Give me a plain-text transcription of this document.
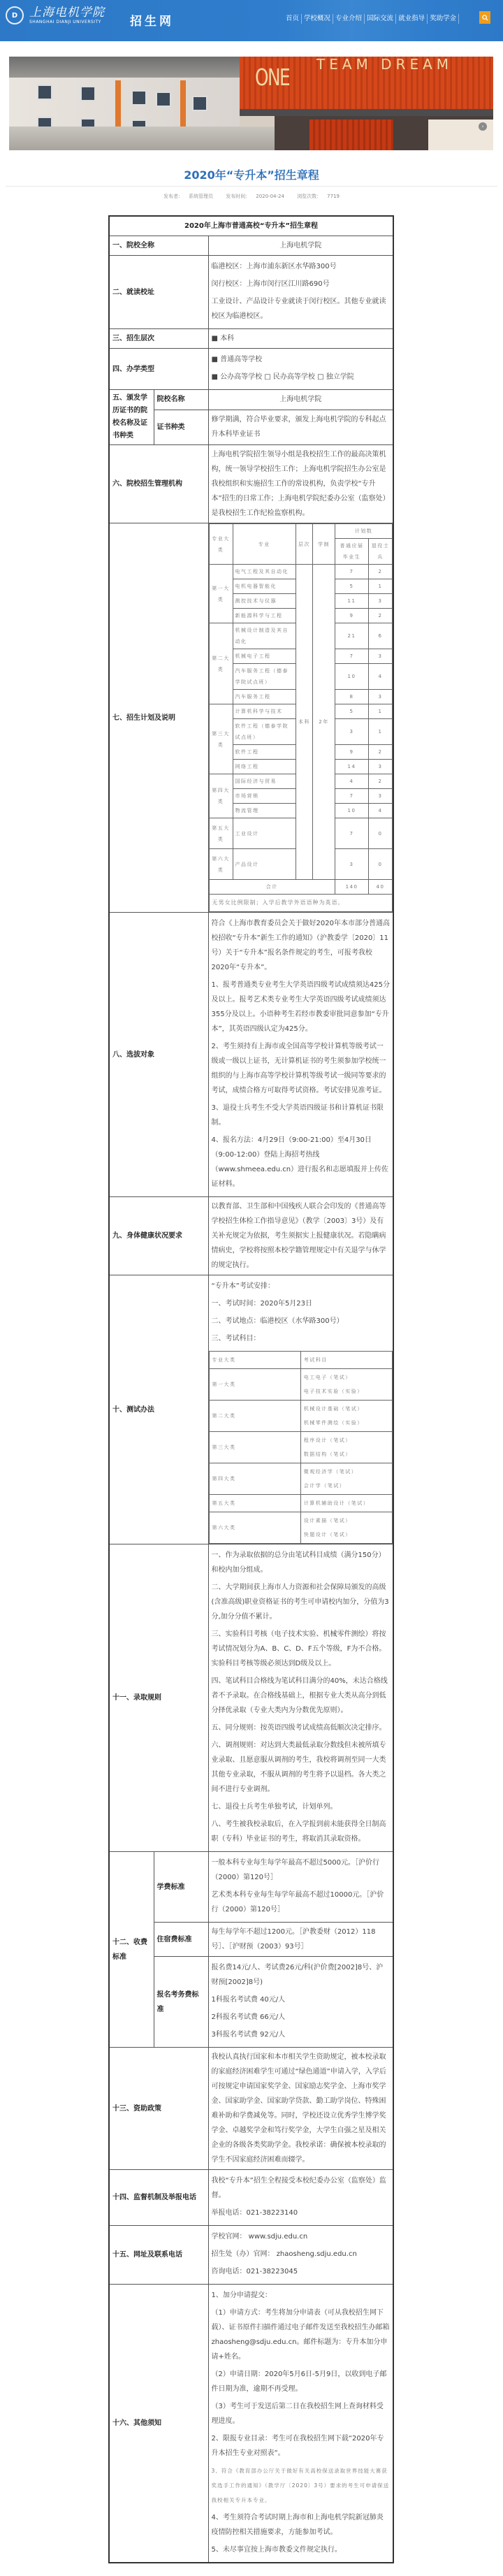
D 上海电机学院
SHANGHAI DIANJI UNIVERSITY 招生网	首页 学校概况 专业介绍 国际交流 就业指导 奖助学金
ONE TEAM DREAM
›
2020年“专升本”招生章程
发布者： 系统管理员	发布时间： 2020-04-24	浏览次数： 7719
2020年上海市普通高校“专升本”招生章程
一、院校全称	上海电机学院
二、就读校址	

临港校区：上海市浦东新区水华路300号

闵行校区：上海市闵行区江川路690号

工业设计、产品设计专业就读于闵行校区。其他专业就读校区为临港校区。

三、招生层次	■ 本科
四、办学类型	

■ 普通高等学校

■ 公办高等学校 □ 民办高等学校 □ 独立学院

五、颁发学历证书的院校名称及证书种类	院校名称	上海电机学院
证书种类	修学期满，符合毕业要求，颁发上海电机学院的专科起点升本科毕业证书
六、院校招生管理机构	上海电机学院招生领导小组是我校招生工作的最高决策机构，统一领导学校招生工作；上海电机学院招生办公室是我校组织和实施招生工作的常设机构，负责学校“专升本”招生的日常工作；上海电机学院纪委办公室（监察处）是我校招生工作纪检监察机构。
七、招生计划及说明	
专业大类	专业	层次	学制	计划数
普通应届毕业生	退役士兵
第一大类	电气工程及其自动化	本科	2年	7	2
电机电器智能化	5	1
测控技术与仪器	11	3
新能源科学与工程	9	2
第二大类	机械设计制造及其自动化	21	6
机械电子工程	7	3
汽车服务工程（德泰学院试点班）	10	4
汽车服务工程	8	3
第三大类	计算机科学与技术	5	1
软件工程（德泰学院试点班）	3	1
软件工程	9	2
网络工程	14	3
第四大类	国际经济与贸易	4	2
市场营销	7	3
物流管理	10	4
第五大类	工业设计	7	0
第六大类	产品设计	3	0
合计	140	40
无男女比例限制；入学后教学外语语种为英语。

八、选拔对象	

符合《上海市教育委员会关于做好2020年本市部分普通高校招收“专升本”新生工作的通知》（沪教委学〔2020〕11号）关于“专升本”报名条件规定的考生，可报考我校2020年“专升本”。

1、报考普通类专业考生大学英语四级考试成绩须达425分及以上。报考艺术类专业考生大学英语四级考试成绩须达355分及以上。小语种考生若经市教委审批同意参加“专升本”，其英语四级认定为425分。

2、考生须持有上海市或全国高等学校计算机等级考试一级或一级以上证书，无计算机证书的考生须参加学校统一组织的与上海市高等学校计算机等级考试一级同等要求的考试，成绩合格方可取得考试资格。考试安排见准考证。

3、退役士兵考生不受大学英语四级证书和计算机证书限制。

4、报名方法：4月29日（9:00-21:00）至4月30日（9:00-12:00）登陆上海招考热线（www.shmeea.edu.cn）进行报名和志愿填报并上传佐证材料。

九、身体健康状况要求	以教育部、卫生部和中国残疾人联合会印发的《普通高等学校招生体检工作指导意见》（教学〔2003〕3号）及有关补充规定为依据，考生须据实上报健康状况。若隐瞒病情病史，学校将按照本校学籍管理规定中有关退学与休学的规定执行。
十、测试办法	

“专升本”考试安排：

一、考试时间：2020年5月23日

二、考试地点：临港校区（水华路300号）

三、考试科目：

专业大类	考试科目
第一大类	
电工电子（笔试）
电子技术实验（实验）

第二大类	
机械设计基础（笔试）
机械零件测绘（实验）

第三大类	
程序设计（笔试）
数据结构（笔试）

第四大类	
微观经济学（笔试）
会计学（笔试）

第五大类	计算机辅助设计（笔试）

第六大类	
设计素描（笔试）
快题设计（笔试）

十一、录取规则	

一、作为录取依据的总分由笔试科目成绩（满分150分）和校内加分组成。

二、大学期间获上海市人力资源和社会保障局颁发的高级(含准高级)职业资格证书的考生可申请校内加分，分值为3分,加分分值不累计。

三、实验科目考核（电子技术实验、机械零件测绘）将按考试情况划分为A、B、C、D、F五个等级，F为不合格。实验科目考核等级必须达到D级及以上。

四、笔试科目合格线为笔试科目满分的40%，未达合格线者不予录取。在合格线基础上，根据专业大类从高分到低分择优录取（专业大类内为分数优先原则）。

五、同分规则：按英语四级考试成绩高低顺次决定排序。

六、调剂规则：对达到大类最低录取分数线但未被所填专业录取、且愿意服从调剂的考生，我校将调剂至同一大类其他专业录取，不服从调剂的考生将予以退档。各大类之间不进行专业调剂。

七、退役士兵考生单独考试，计划单列。

八、考生被我校录取后，在入学报到前未能获得全日制高职（专科）毕业证书的考生，将取消其录取资格。

十二、收费标准	学费标准	

一般本科专业每生每学年最高不超过5000元。［沪价行（2000）第120号］

艺术类本科专业每生每学年最高不超过10000元。［沪价行（2000）第120号］

住宿费标准	每生每学年不超过1200元。［沪教委财（2012）118号］、［沪财预（2003）93号］
报名考务费标准	

报名费14元/人、考试费26元/科(沪价费[2002]8号、沪财预[2002]8号)

1科报名考试费 40元/人

2科报名考试费 66元/人

3科报名考试费 92元/人

十三、资助政策	我校认真执行国家和本市相关学生资助规定，被本校录取的家庭经济困难学生可通过“绿色通道”申请入学，入学后可按规定申请国家奖学金、国家励志奖学金、上海市奖学金、国家助学金、国家助学贷款、勤工助学岗位、特殊困难补助和学费减免等。同时，学校还设立优秀学生博学奖学金、卓越奖学金和笃行奖学金，大学生自强之星及相关企业的各级各类奖助学金。我校承诺：确保被本校录取的学生不因家庭经济困难而辍学。
十四、监督机制及举报电话	

我校“专升本”招生全程接受本校纪委办公室（监察处）监督。

举报电话：021-38223140

十五、网址及联系电话	

学校官网： www.sdju.edu.cn

招生处（办）官网： zhaosheng.sdju.edu.cn

咨询电话：021-38223045

十六、其他须知	

1、加分申请提交：

（1）申请方式：考生将加分申请表（可从我校招生网下载）、证书原件扫描件通过电子邮件发送至我校招生办邮箱zhaosheng@sdju.edu.cn。邮件标题为：专升本加分申请+姓名。

（2）申请日期：2020年5月6日-5月9日，以收到电子邮件日期为准，逾期不再受理。

（3）考生可于发送后第二日在我校招生网上查询材料受理进度。

2、限报专业目录：考生可在我校招生网下载“2020年专升本招生专业对照表”。

3、符合《教育部办公厅关于做好有关高校保送录取世界技能大赛获奖选手工作的通知》（教学厅〔2020〕3号）要求的考生可申请保送我校相关专升本专业。

4、考生须符合考试时期上海市和上海电机学院新冠肺炎疫情防控相关措施要求，方能参加考试。

5、未尽事宜按上海市教委文件规定执行。
